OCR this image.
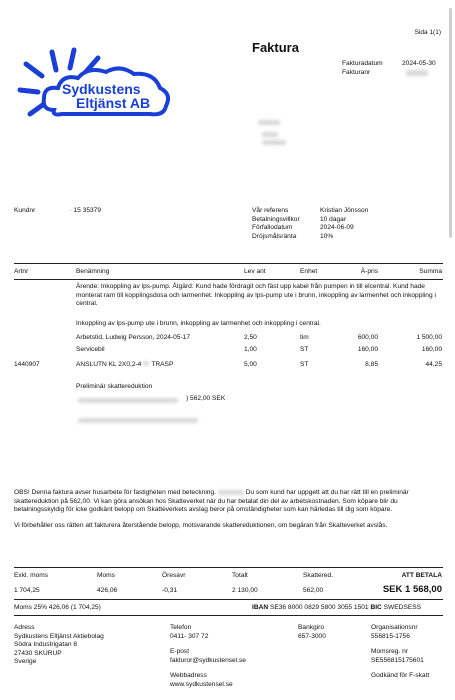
Sydkustens
Eltjänst AB
Sida 1(1)
Faktura
Fakturadatum	2024-05-30
Fakturanr
Kundnr	· 15 35379	Vår referens	Kristian Jönsson
Betalningsvillkor	10 dagar
Förfallodatum	2024-06-09
Dröjsmålsränta	10%
Artnr	Benämning	Lev ant	Enhet	À-pris	Summa
Ärende: Inkoppling av lps-pump. Åtgärd: Kund hade fördragit och fäst upp kabel från pumpen in till elcentral. Kund hade monterat ram till kopplingsdosa och larmenhet. Inkoppling av lps-pump ute i brunn, inkoppling av larmenhet och inkoppling i central.
Inkoppling av lps-pump ute i brunn, inkoppling av larmenhet och inkoppling i central.
Arbetstid, Ludwig Persson, 2024-05-17	2,50	tim	600,00	1 500,00
Servicebil	1,00	ST	160,00	160,00
1440907	ANSLUTN KL 2X0,2-4 TRASP	5,00	ST	8,85	44,25
Preliminär skattereduktion
) 562,00 SEK

OBS! Denna faktura avser husarbete för fastigheten med beteckning.	Du som kund har uppgett att du har rätt till en preliminär skattereduktion på 562,00. Vi kan göra ansökan hos Skatteverket när du har betalat din del av arbetskostnaden. Som köpare blir du betalningsskyldig för icke godkänt belopp om Skatteverkets avslag beror på omständigheter som kan härledas till dig som köpare.

Vi förbehåller oss rätten att fakturera återstående belopp, motsvarande skattereduktionen, om begäran från Skatteverket avslås.

Exkl. moms	Moms	Öresavr	Totalt	Skattered.	ATT BETALA
1 704,25	426,06	-0,31	2 130,00	562,00	SEK 1 568,00
Moms 25% 426,06 (1 704,25)	IBAN SE36 8000 0829 5800 3055 1501 BIC SWEDSESS
Adress
Sydkustens Eltjänst Aktiebolag
Södra Industrigatan 8
27430 SKURUP
Sverige
Telefon
0411- 307 72
E-post
fakturor@sydkustensel.se
Webbadress
www.sydkustensel.se
Bankgiro
657-3000
Organisationsnr
556815-1756
Momsreg. nr
SE556815175601
Godkänd för F-skatt
